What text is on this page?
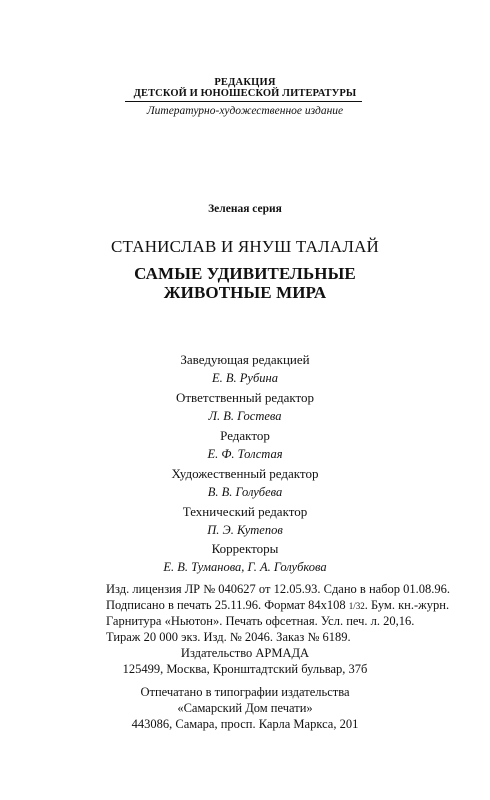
РЕДАКЦИЯ
ДЕТСКОЙ И ЮНОШЕСКОЙ ЛИТЕРАТУРЫ
Литературно-художественное издание
Зеленая серия
СТАНИСЛАВ И ЯНУШ ТАЛАЛАЙ
САМЫЕ УДИВИТЕЛЬНЫЕ
ЖИВОТНЫЕ МИРА
Заведующая редакцией
Е. В. Рубина
Ответственный редактор
Л. В. Гостева
Редактор
Е. Ф. Толстая
Художественный редактор
В. В. Голубева
Технический редактор
П. Э. Кутепов
Корректоры
Е. В. Туманова, Г. А. Голубкова
Изд. лицензия ЛР № 040627 от 12.05.93. Сдано в набор 01.08.96.
Подписано в печать 25.11.96. Формат 84х108 1/32. Бум. кн.-журн.
Гарнитура «Ньютон». Печать офсетная. Усл. печ. л. 20,16.
Тираж 20 000 экз. Изд. № 2046. Заказ № 6189.
Издательство АРМАДА
125499, Москва, Кронштадтский бульвар, 37б
Отпечатано в типографии издательства
«Самарский Дом печати»
443086, Самара, просп. Карла Маркса, 201
